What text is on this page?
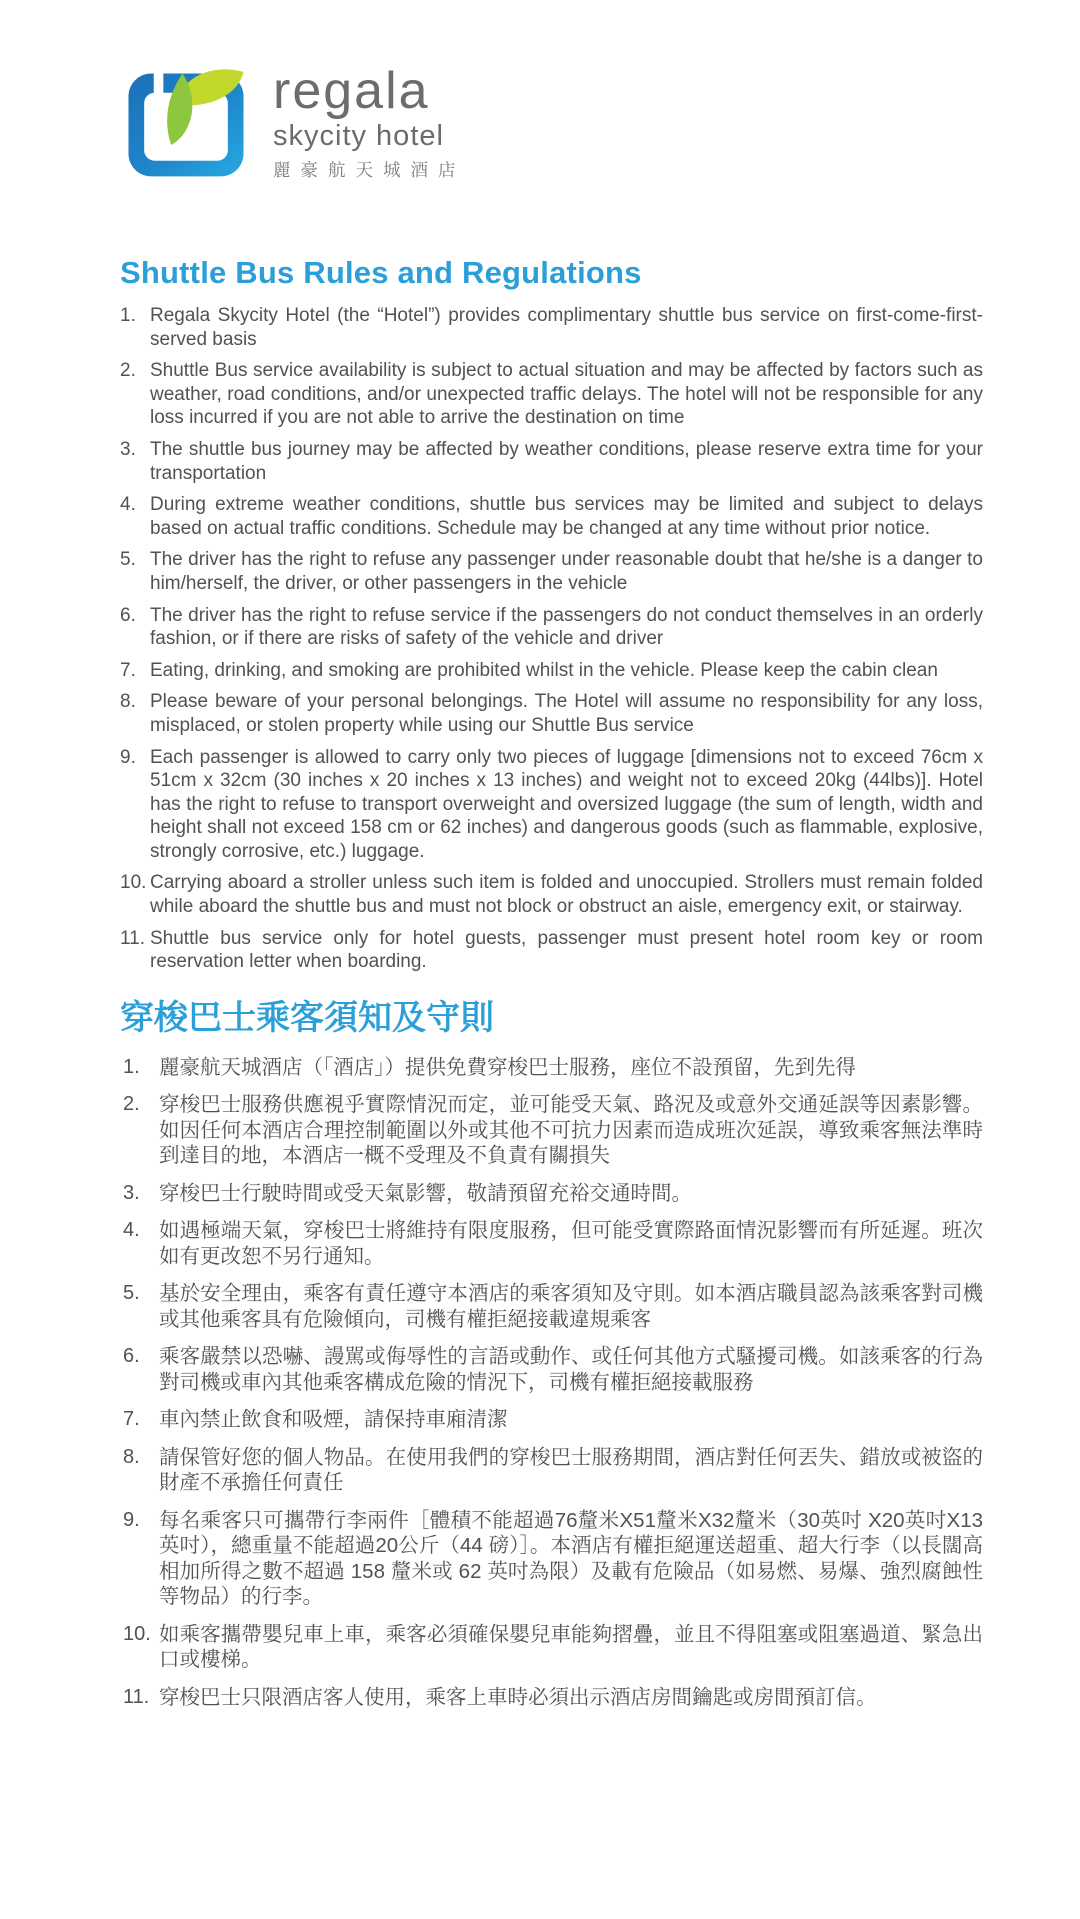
regala
skycity hotel
麗豪航天城酒店
Shuttle Bus Rules and Regulations
1. Regala Skycity Hotel (the “Hotel”) provides complimentary shuttle bus service on first-come-first-served basis
2. Shuttle Bus service availability is subject to actual situation and may be affected by factors such as weather, road conditions, and/or unexpected traffic delays. The hotel will not be responsible for any loss incurred if you are not able to arrive the destination on time
3. The shuttle bus journey may be affected by weather conditions, please reserve extra time for your transportation
4. During extreme weather conditions, shuttle bus services may be limited and subject to delays based on actual traffic conditions. Schedule may be changed at any time without prior notice.
5. The driver has the right to refuse any passenger under reasonable doubt that he/she is a danger to him/herself, the driver, or other passengers in the vehicle
6. The driver has the right to refuse service if the passengers do not conduct themselves in an orderly fashion, or if there are risks of safety of the vehicle and driver
7. Eating, drinking, and smoking are prohibited whilst in the vehicle. Please keep the cabin clean
8. Please beware of your personal belongings. The Hotel will assume no responsibility for any loss, misplaced, or stolen property while using our Shuttle Bus service
9. Each passenger is allowed to carry only two pieces of luggage [dimensions not to exceed 76cm x 51cm x 32cm (30 inches x 20 inches x 13 inches) and weight not to exceed 20kg (44lbs)]. Hotel has the right to refuse to transport overweight and oversized luggage (the sum of length, width and height shall not exceed 158 cm or 62 inches) and dangerous goods (such as flammable, explosive, strongly corrosive, etc.) luggage.
10. Carrying aboard a stroller unless such item is folded and unoccupied. Strollers must remain folded while aboard the shuttle bus and must not block or obstruct an aisle, emergency exit, or stairway.
11. Shuttle bus service only for hotel guests, passenger must present hotel room key or room reservation letter when boarding.
穿梭巴士乘客須知及守則
1. 麗豪航天城酒店（「酒店」）提供免費穿梭巴士服務，座位不設預留，先到先得
2. 穿梭巴士服務供應視乎實際情況而定，並可能受天氣、路況及或意外交通延誤等因素影響。如因任何本酒店合理控制範圍以外或其他不可抗力因素而造成班次延誤，導致乘客無法準時到達目的地，本酒店一概不受理及不負責有關損失
3. 穿梭巴士行駛時間或受天氣影響，敬請預留充裕交通時間。
4. 如遇極端天氣，穿梭巴士將維持有限度服務，但可能受實際路面情況影響而有所延遲。班次如有更改恕不另行通知。
5. 基於安全理由，乘客有責任遵守本酒店的乘客須知及守則。如本酒店職員認為該乘客對司機或其他乘客具有危險傾向，司機有權拒絕接載違規乘客
6. 乘客嚴禁以恐嚇、謾駡或侮辱性的言語或動作、或任何其他方式騷擾司機。如該乘客的行為對司機或車內其他乘客構成危險的情況下，司機有權拒絕接載服務
7. 車內禁止飲食和吸煙，請保持車廂清潔
8. 請保管好您的個人物品。在使用我們的穿梭巴士服務期間，酒店對任何丟失、錯放或被盜的財產不承擔任何責任
9. 每名乘客只可攜帶行李兩件［體積不能超過76釐米X51釐米X32釐米（30英吋 X20英吋X13 英吋），總重量不能超過20公斤（44 磅）］。本酒店有權拒絕運送超重、超大行李（以長闊高相加所得之數不超過 158 釐米或 62 英吋為限）及載有危險品（如易燃、易爆、強烈腐蝕性等物品）的行李。
10. 如乘客攜帶嬰兒車上車，乘客必須確保嬰兒車能夠摺疊，並且不得阻塞或阻塞過道、緊急出口或樓梯。
11. 穿梭巴士只限酒店客人使用，乘客上車時必須出示酒店房間鑰匙或房間預訂信。
